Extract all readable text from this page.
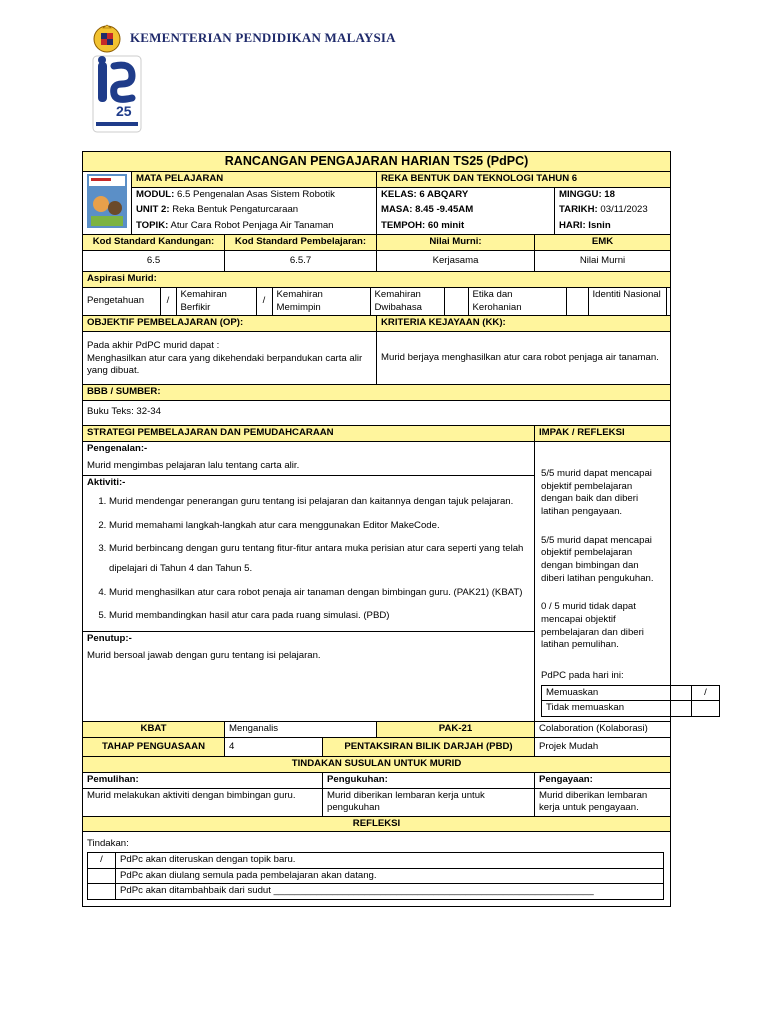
KEMENTERIAN PENDIDIKAN MALAYSIA
25
RANCANGAN PENGAJARAN HARIAN TS25 (PdPC)
	MATA PELAJARAN	REKA BENTUK DAN TEKNOLOGI TAHUN 6
MODUL: 6.5 Pengenalan Asas Sistem Robotik	KELAS: 6 ABQARY	MINGGU: 18
UNIT 2: Reka Bentuk Pengaturcaraan	MASA: 8.45 -9.45AM	TARIKH: 03/11/2023
TOPIK: Atur Cara Robot Penjaga Air Tanaman	TEMPOH: 60 minit	HARI: Isnin
Kod Standard Kandungan:	Kod Standard Pembelajaran:	Nilai Murni:	EMK
6.5	6.5.7	Kerjasama	Nilai Murni
Aspirasi Murid:

Pengetahuan	/	Kemahiran Berfikir	/	Kemahiran Memimpin	Kemahiran Dwibahasa		Etika dan Kerohanian		Identiti Nasional	

OBJEKTIF PEMBELAJARAN (OP):	KRITERIA KEJAYAAN (KK):

Pada akhir PdPC murid dapat :
Menghasilkan atur cara yang dikehendaki berpandukan carta alir yang dibuat.
	Murid berjaya menghasilkan atur cara robot penjaga air tanaman.
BBB / SUMBER:
Buku Teks: 32-34
STRATEGI PEMBELAJARAN DAN PEMUDAHCARAAN	IMPAK / REFLEKSI

Pengenalan:-
Murid mengimbas pelajaran lalu tentang carta alir.
Aktiviti:-
1. Murid mendengar penerangan guru tentang isi pelajaran dan kaitannya dengan tajuk pelajaran.
2. Murid memahami langkah-langkah atur cara menggunakan Editor MakeCode.
3. Murid berbincang dengan guru tentang fitur-fitur antara muka perisian atur cara seperti yang telah dipelajari di Tahun 4 dan Tahun 5.
4. Murid menghasilkan atur cara robot penaja air tanaman dengan bimbingan guru. (PAK21) (KBAT)
5. Murid membandingkan hasil atur cara pada ruang simulasi. (PBD)
Penutup:-
Murid bersoal jawab dengan guru tentang isi pelajaran.

5/5 murid dapat mencapai objektif pembelajaran dengan baik dan diberi latihan pengayaan.
5/5 murid dapat mencapai objektif pembelajaran dengan bimbingan dan diberi latihan pengukuhan.
0 / 5 murid tidak dapat mencapai objektif pembelajaran dan diberi latihan pemulihan.
PdPC pada hari ini:
Memuaskan	/
Tidak memuaskan	

KBAT	Menganalis	PAK-21	Colaboration (Kolaborasi)
TAHAP PENGUASAAN	4	PENTAKSIRAN BILIK DARJAH (PBD)	Projek Mudah
TINDAKAN SUSULAN UNTUK MURID
Pemulihan:	Pengukuhan:	Pengayaan:
Murid melakukan aktiviti dengan bimbingan guru.	Murid diberikan lembaran kerja untuk pengukuhan	Murid diberikan lembaran kerja untuk pengayaan.
REFLEKSI

Tindakan:
/	PdPc akan diteruskan dengan topik baru.
	PdPc akan diulang semula pada pembelajaran akan datang.
	PdPc akan ditambahbaik dari sudut ____________________________________________________________
